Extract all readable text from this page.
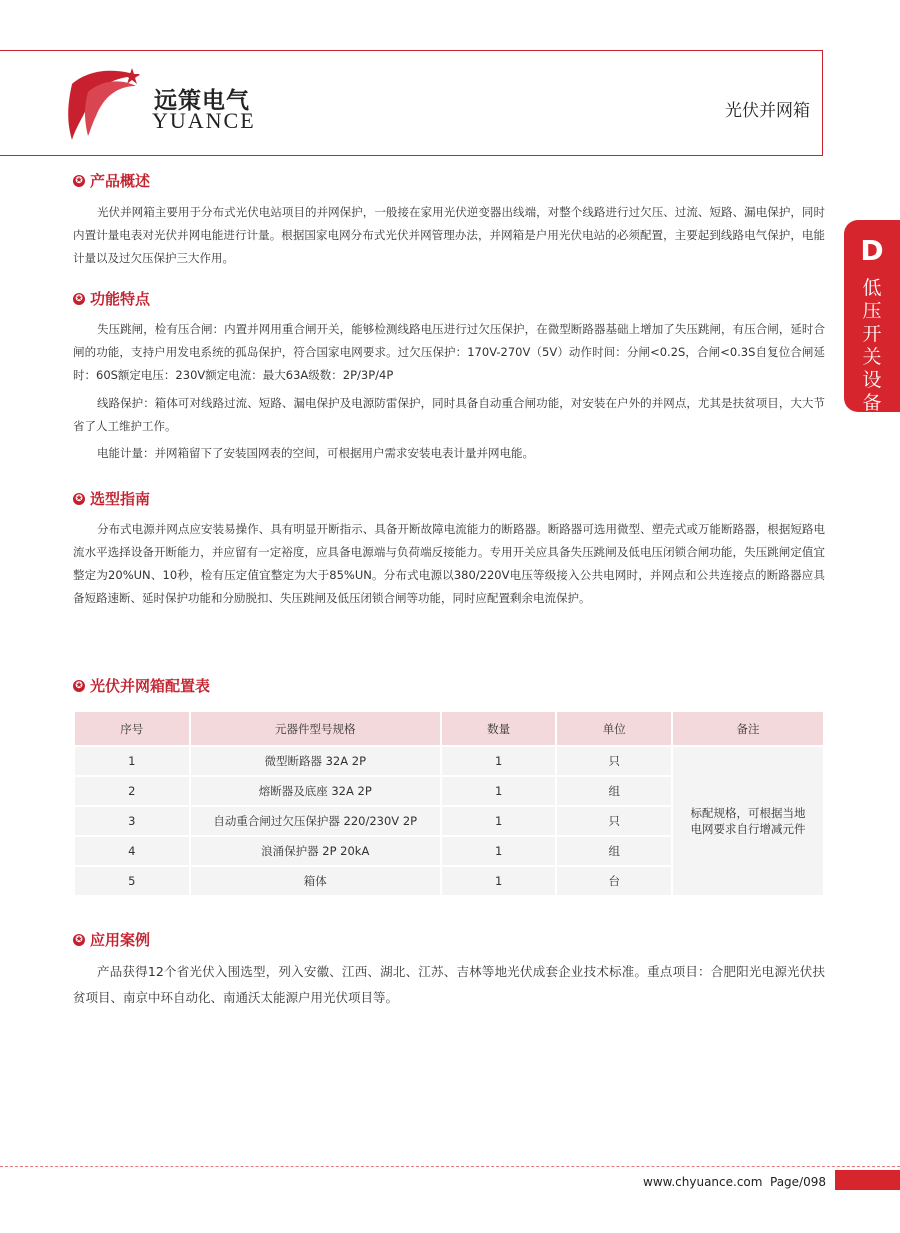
远策电气
YUANCE	光伏并网箱
D
低压开关设备
✪ 产品概述

光伏并网箱主要用于分布式光伏电站项目的并网保护，一般接在家用光伏逆变器出线端，对整个线路进行过欠压、过流、短路、漏电保护，同时内置计量电表对光伏并网电能进行计量。根据国家电网分布式光伏并网管理办法，并网箱是户用光伏电站的必须配置，主要起到线路电气保护，电能计量以及过欠压保护三大作用。

✪ 功能特点

失压跳闸，检有压合闸：内置并网用重合闸开关，能够检测线路电压进行过欠压保护，在微型断路器基础上增加了失压跳闸，有压合闸，延时合闸的功能，支持户用发电系统的孤岛保护，符合国家电网要求。过欠压保护：170V-270V（5V）动作时间：分闸<0.2S，合闸<0.3S自复位合闸延时：60S额定电压：230V额定电流：最大63A级数：2P/3P/4P

线路保护：箱体可对线路过流、短路、漏电保护及电源防雷保护，同时具备自动重合闸功能，对安装在户外的并网点，尤其是扶贫项目，大大节省了人工维护工作。

电能计量：并网箱留下了安装国网表的空间，可根据用户需求安装电表计量并网电能。

✪ 选型指南

分布式电源并网点应安装易操作、具有明显开断指示、具备开断故障电流能力的断路器。断路器可选用微型、塑壳式或万能断路器，根据短路电流水平选择设备开断能力，并应留有一定裕度，应具备电源端与负荷端反接能力。专用开关应具备失压跳闸及低电压闭锁合闸功能，失压跳闸定值宜整定为20%UN、10秒，检有压定值宜整定为大于85%UN。分布式电源以380/220V电压等级接入公共电网时，并网点和公共连接点的断路器应具备短路速断、延时保护功能和分励脱扣、失压跳闸及低压闭锁合闸等功能，同时应配置剩余电流保护。

✪ 光伏并网箱配置表
序号	元器件型号规格	数量	单位	备注
1	微型断路器 32A 2P	1	只	标配规格，可根据当地电网要求自行增减元件

2	熔断器及底座 32A 2P	1	组	
3	自动重合闸过欠压保护器 220/230V 2P	1	只	
4	浪涌保护器 2P 20kA	1	组	
5	箱体	1	台	
✪ 应用案例

产品获得12个省光伏入围选型，列入安徽、江西、湖北、江苏、吉林等地光伏成套企业技术标准。重点项目：合肥阳光电源光伏扶贫项目、南京中环自动化、南通沃太能源户用光伏项目等。

www.chyuance.com Page/098
